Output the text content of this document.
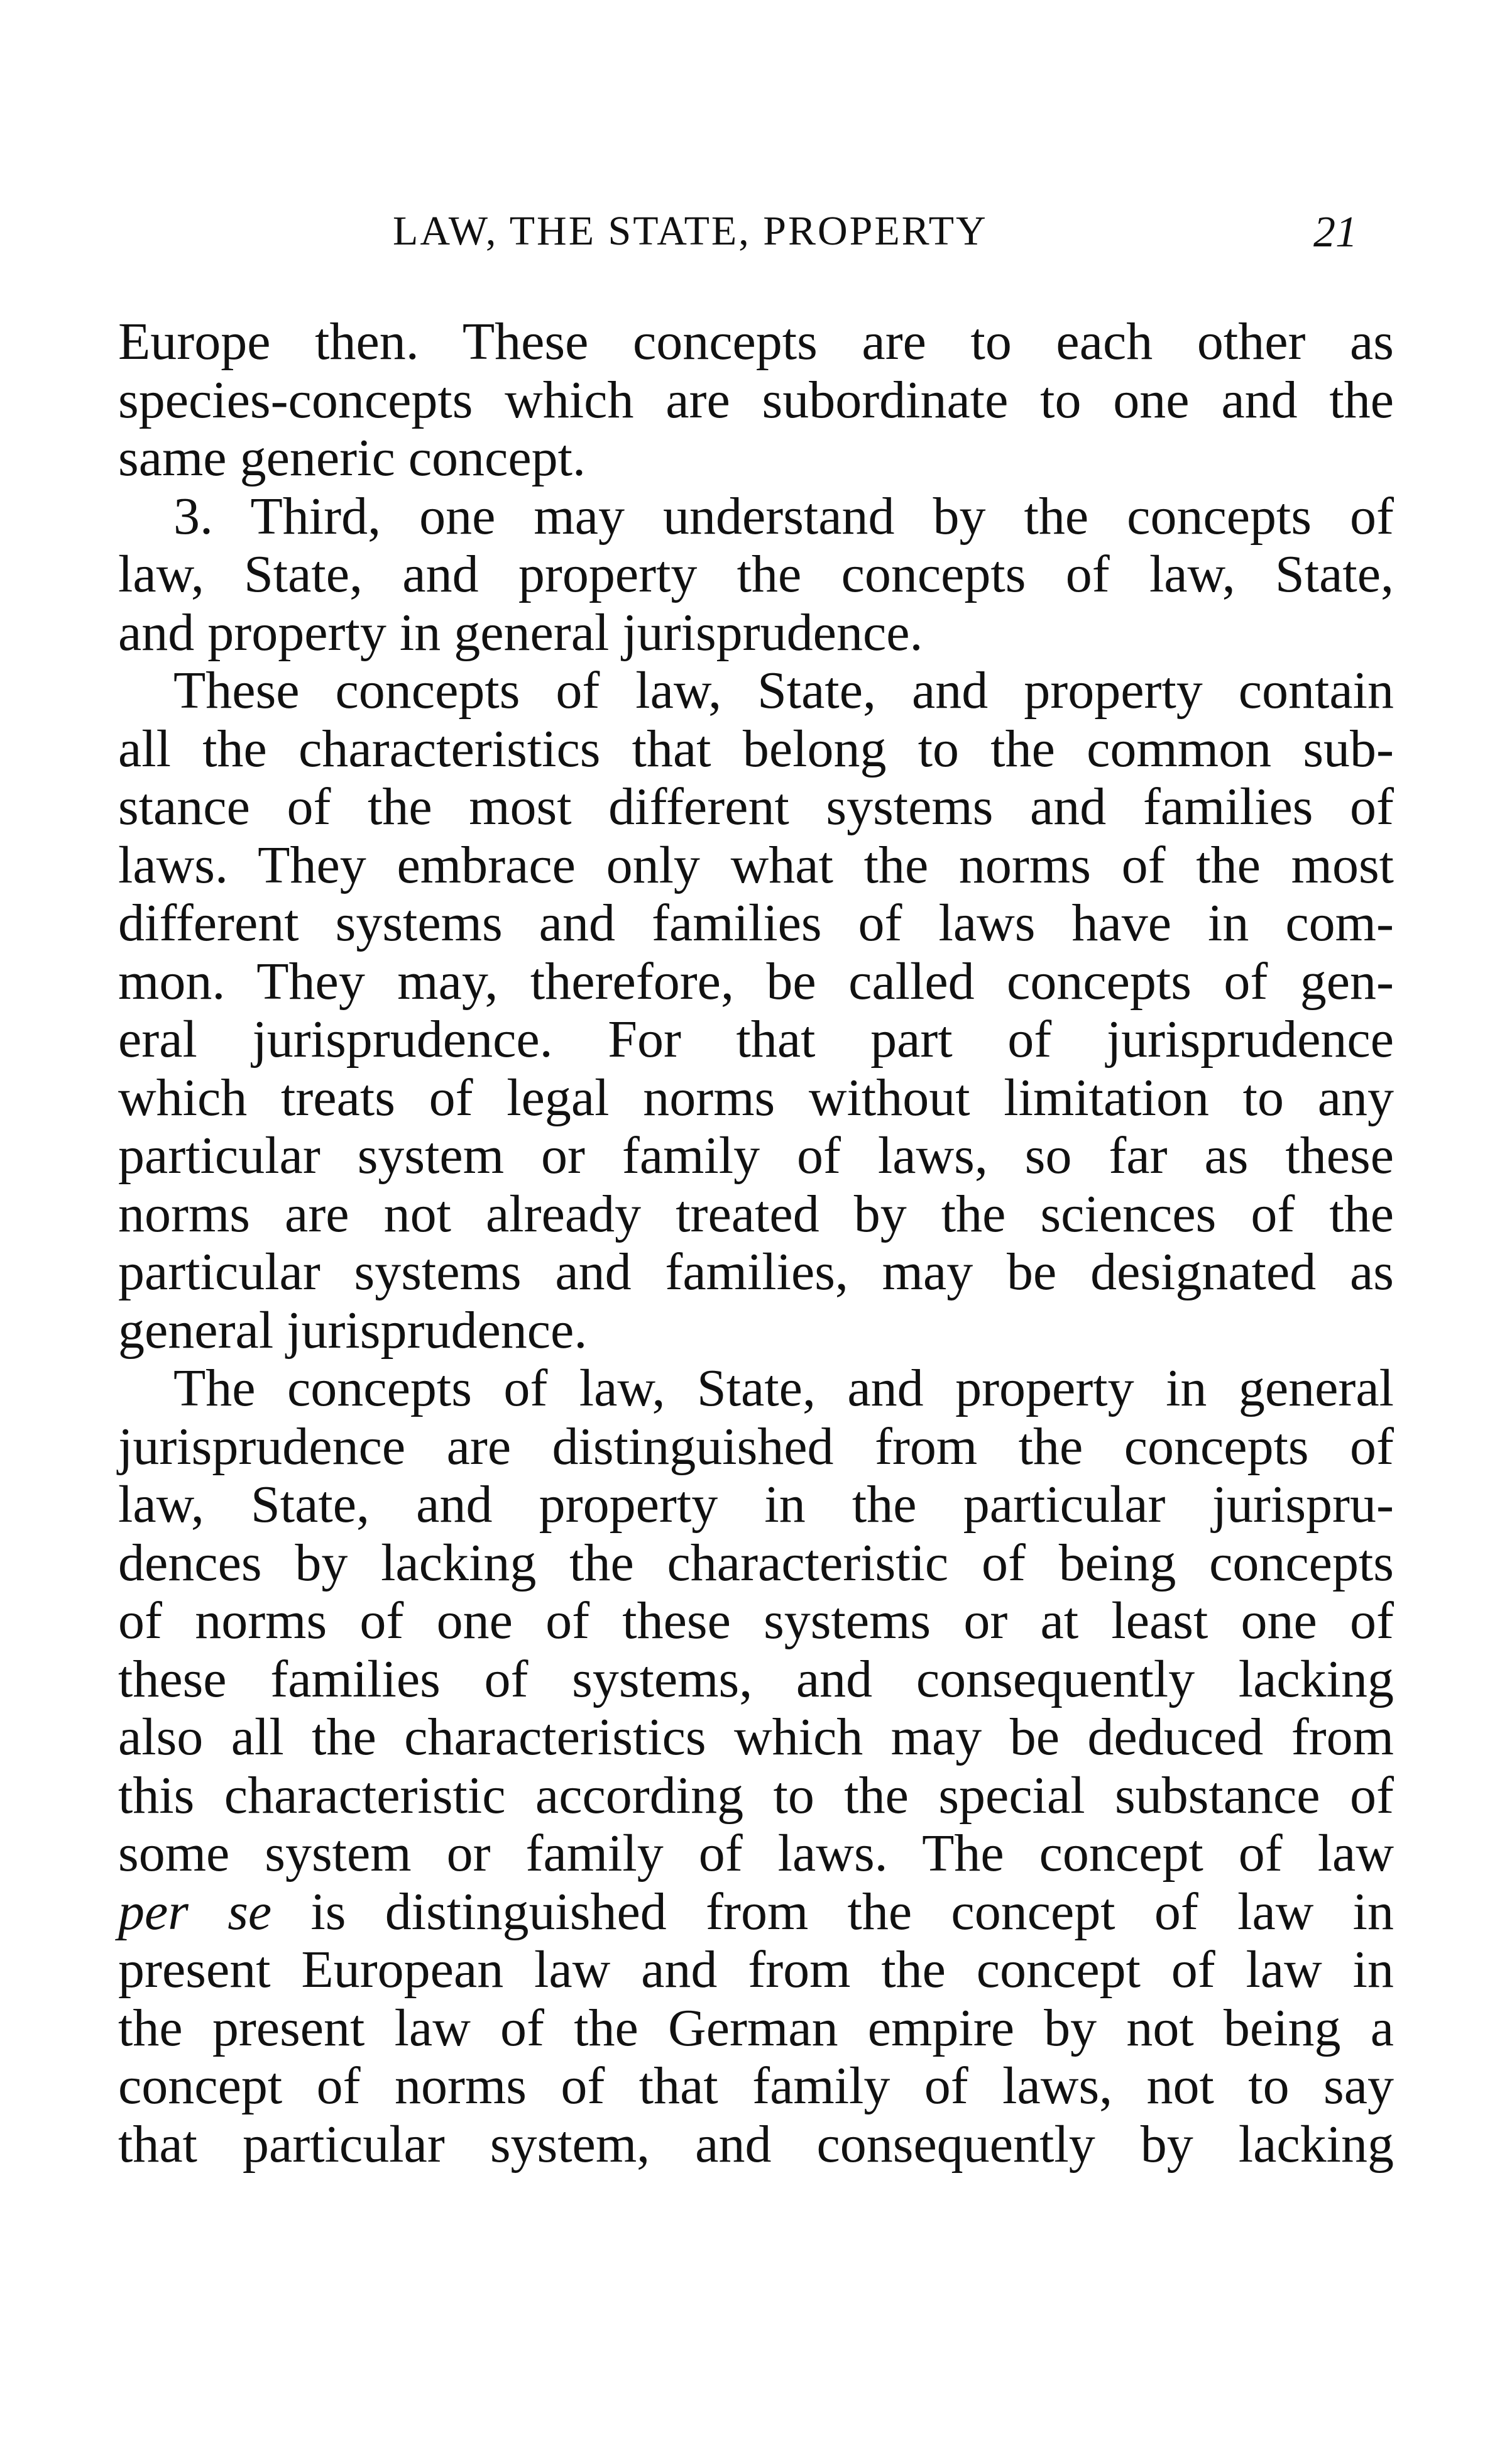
LAW, THE STATE, PROPERTY	21
Europe then. These concepts are to each other as
species-concepts which are subordinate to one and the
same generic concept.
3. Third, one may understand by the concepts of
law, State, and property the concepts of law, State,
and property in general jurisprudence.
These concepts of law, State, and property contain
all the characteristics that belong to the common sub-
stance of the most different systems and families of
laws. They embrace only what the norms of the most
different systems and families of laws have in com-
mon. They may, therefore, be called concepts of gen-
eral jurisprudence. For that part of jurisprudence
which treats of legal norms without limitation to any
particular system or family of laws, so far as these
norms are not already treated by the sciences of the
particular systems and families, may be designated as
general jurisprudence.
The concepts of law, State, and property in general
jurisprudence are distinguished from the concepts of
law, State, and property in the particular jurispru-
dences by lacking the characteristic of being concepts
of norms of one of these systems or at least one of
these families of systems, and consequently lacking
also all the characteristics which may be deduced from
this characteristic according to the special substance of
some system or family of laws. The concept of law
per se is distinguished from the concept of law in
present European law and from the concept of law in
the present law of the German empire by not being a
concept of norms of that family of laws, not to say
that particular system, and consequently by lacking
